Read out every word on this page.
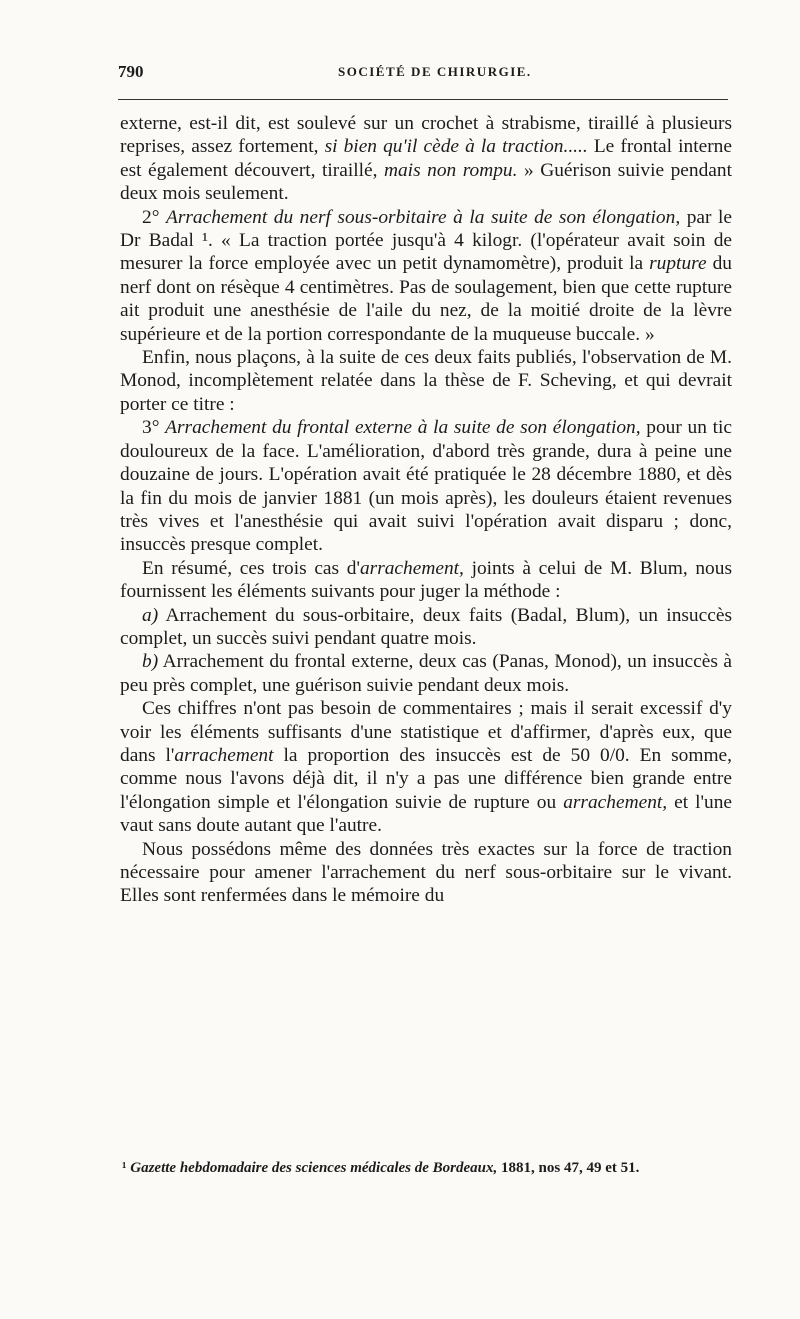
790	SOCIÉTÉ DE CHIRURGIE.

externe, est-il dit, est soulevé sur un crochet à strabisme, tiraillé à plusieurs reprises, assez fortement, si bien qu'il cède à la traction..... Le frontal interne est également découvert, tiraillé, mais non rompu. » Guérison suivie pendant deux mois seulement.

2° Arrachement du nerf sous-orbitaire à la suite de son élongation, par le Dr Badal ¹. « La traction portée jusqu'à 4 kilogr. (l'opérateur avait soin de mesurer la force employée avec un petit dynamomètre), produit la rupture du nerf dont on résèque 4 centimètres. Pas de soulagement, bien que cette rupture ait produit une anesthésie de l'aile du nez, de la moitié droite de la lèvre supérieure et de la portion correspondante de la muqueuse buccale. »

Enfin, nous plaçons, à la suite de ces deux faits publiés, l'observation de M. Monod, incomplètement relatée dans la thèse de F. Scheving, et qui devrait porter ce titre :

3° Arrachement du frontal externe à la suite de son élongation, pour un tic douloureux de la face. L'amélioration, d'abord très grande, dura à peine une douzaine de jours. L'opération avait été pratiquée le 28 décembre 1880, et dès la fin du mois de janvier 1881 (un mois après), les douleurs étaient revenues très vives et l'anesthésie qui avait suivi l'opération avait disparu ; donc, insuccès presque complet.

En résumé, ces trois cas d'arrachement, joints à celui de M. Blum, nous fournissent les éléments suivants pour juger la méthode :

a) Arrachement du sous-orbitaire, deux faits (Badal, Blum), un insuccès complet, un succès suivi pendant quatre mois.

b) Arrachement du frontal externe, deux cas (Panas, Monod), un insuccès à peu près complet, une guérison suivie pendant deux mois.

Ces chiffres n'ont pas besoin de commentaires ; mais il serait excessif d'y voir les éléments suffisants d'une statistique et d'affirmer, d'après eux, que dans l'arrachement la proportion des insuccès est de 50 0/0. En somme, comme nous l'avons déjà dit, il n'y a pas une différence bien grande entre l'élongation simple et l'élongation suivie de rupture ou arrachement, et l'une vaut sans doute autant que l'autre.

Nous possédons même des données très exactes sur la force de traction nécessaire pour amener l'arrachement du nerf sous-orbitaire sur le vivant. Elles sont renfermées dans le mémoire du

¹ Gazette hebdomadaire des sciences médicales de Bordeaux, 1881, nos 47, 49 et 51.
